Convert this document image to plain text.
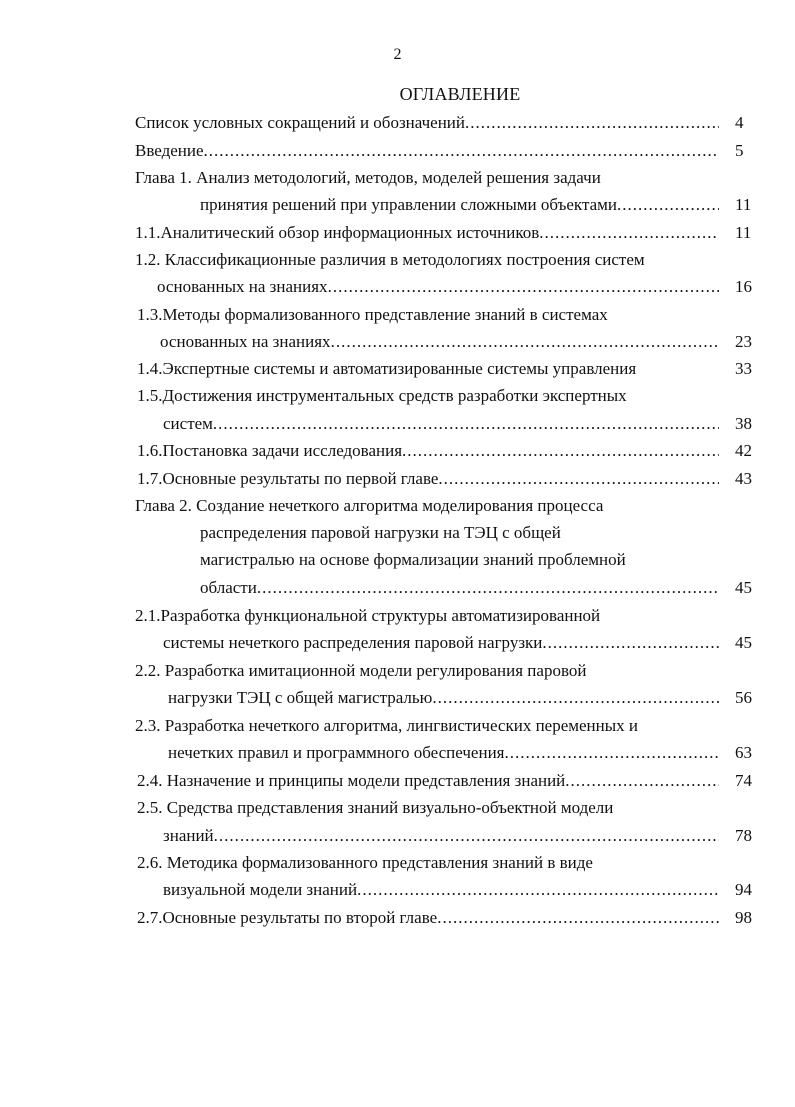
2
ОГЛАВЛЕНИЕ
Список условных сокращений и обозначений .....	4
Введение .....	5
Глава 1. Анализ методологий, методов, моделей решения задачи
принятия решений при управлении сложными объектами .....	11
1.1.Аналитический обзор информационных источников .....	11
1.2. Классификационные различия в методологиях построения систем
основанных на знаниях .....	16
1.3.Методы формализованного представление знаний в системах
основанных на знаниях .....	23
1.4.Экспертные системы и автоматизированные системы управления	33
1.5.Достижения инструментальных средств разработки экспертных
систем .....	38
1.6.Постановка задачи исследования .....	42
1.7.Основные результаты по первой главе .....	43
Глава 2. Создание нечеткого алгоритма моделирования процесса
распределения паровой нагрузки на ТЭЦ с общей
магистралью на основе формализации знаний проблемной
области .....	45
2.1.Разработка функциональной структуры автоматизированной
системы нечеткого распределения паровой нагрузки .....	45
2.2. Разработка имитационной модели регулирования паровой
нагрузки ТЭЦ с общей магистралью .....	56
2.3. Разработка нечеткого алгоритма, лингвистических переменных и
нечетких правил и программного обеспечения .....	63
2.4. Назначение и принципы модели представления знаний .....	74
2.5. Средства представления знаний визуально-объектной модели
знаний .....	78
2.6. Методика формализованного представления знаний в виде
визуальной модели знаний .....	94
2.7.Основные результаты по второй главе .....	98
